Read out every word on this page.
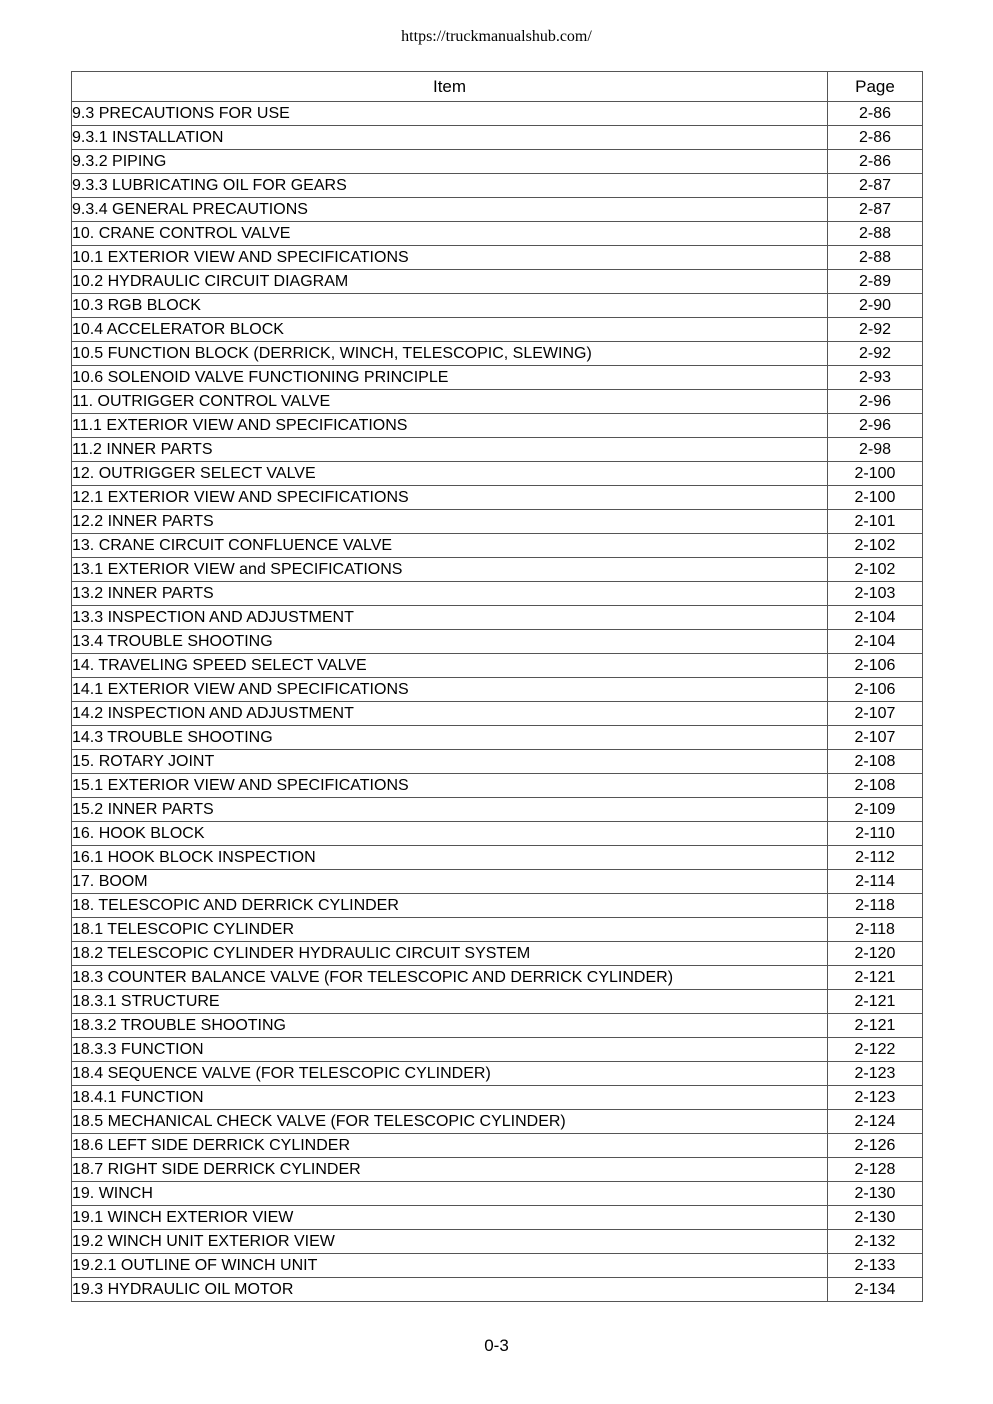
https://truckmanualshub.com/
Item	Page
9.3 PRECAUTIONS FOR USE	2-86
9.3.1 INSTALLATION	2-86
9.3.2 PIPING	2-86
9.3.3 LUBRICATING OIL FOR GEARS	2-87
9.3.4 GENERAL PRECAUTIONS	2-87
10. CRANE CONTROL VALVE	2-88
10.1 EXTERIOR VIEW AND SPECIFICATIONS	2-88
10.2 HYDRAULIC CIRCUIT DIAGRAM	2-89
10.3 RGB BLOCK	2-90
10.4 ACCELERATOR BLOCK	2-92
10.5 FUNCTION BLOCK (DERRICK, WINCH, TELESCOPIC, SLEWING)	2-92
10.6 SOLENOID VALVE FUNCTIONING PRINCIPLE	2-93
11. OUTRIGGER CONTROL VALVE	2-96
11.1 EXTERIOR VIEW AND SPECIFICATIONS	2-96
11.2 INNER PARTS	2-98
12. OUTRIGGER SELECT VALVE	2-100
12.1 EXTERIOR VIEW AND SPECIFICATIONS	2-100
12.2 INNER PARTS	2-101
13. CRANE CIRCUIT CONFLUENCE VALVE	2-102
13.1 EXTERIOR VIEW and SPECIFICATIONS	2-102
13.2 INNER PARTS	2-103
13.3 INSPECTION AND ADJUSTMENT	2-104
13.4 TROUBLE SHOOTING	2-104
14. TRAVELING SPEED SELECT VALVE	2-106
14.1 EXTERIOR VIEW AND SPECIFICATIONS	2-106
14.2 INSPECTION AND ADJUSTMENT	2-107
14.3 TROUBLE SHOOTING	2-107
15. ROTARY JOINT	2-108
15.1 EXTERIOR VIEW AND SPECIFICATIONS	2-108
15.2 INNER PARTS	2-109
16. HOOK BLOCK	2-110
16.1 HOOK BLOCK INSPECTION	2-112
17. BOOM	2-114
18. TELESCOPIC AND DERRICK CYLINDER	2-118
18.1 TELESCOPIC CYLINDER	2-118
18.2 TELESCOPIC CYLINDER HYDRAULIC CIRCUIT SYSTEM	2-120
18.3 COUNTER BALANCE VALVE (FOR TELESCOPIC AND DERRICK CYLINDER)	2-121
18.3.1 STRUCTURE	2-121
18.3.2 TROUBLE SHOOTING	2-121
18.3.3 FUNCTION	2-122
18.4 SEQUENCE VALVE (FOR TELESCOPIC CYLINDER)	2-123
18.4.1 FUNCTION	2-123
18.5 MECHANICAL CHECK VALVE (FOR TELESCOPIC CYLINDER)	2-124
18.6 LEFT SIDE DERRICK CYLINDER	2-126
18.7 RIGHT SIDE DERRICK CYLINDER	2-128
19. WINCH	2-130
19.1 WINCH EXTERIOR VIEW	2-130
19.2 WINCH UNIT EXTERIOR VIEW	2-132
19.2.1 OUTLINE OF WINCH UNIT	2-133
19.3 HYDRAULIC OIL MOTOR	2-134
0-3
